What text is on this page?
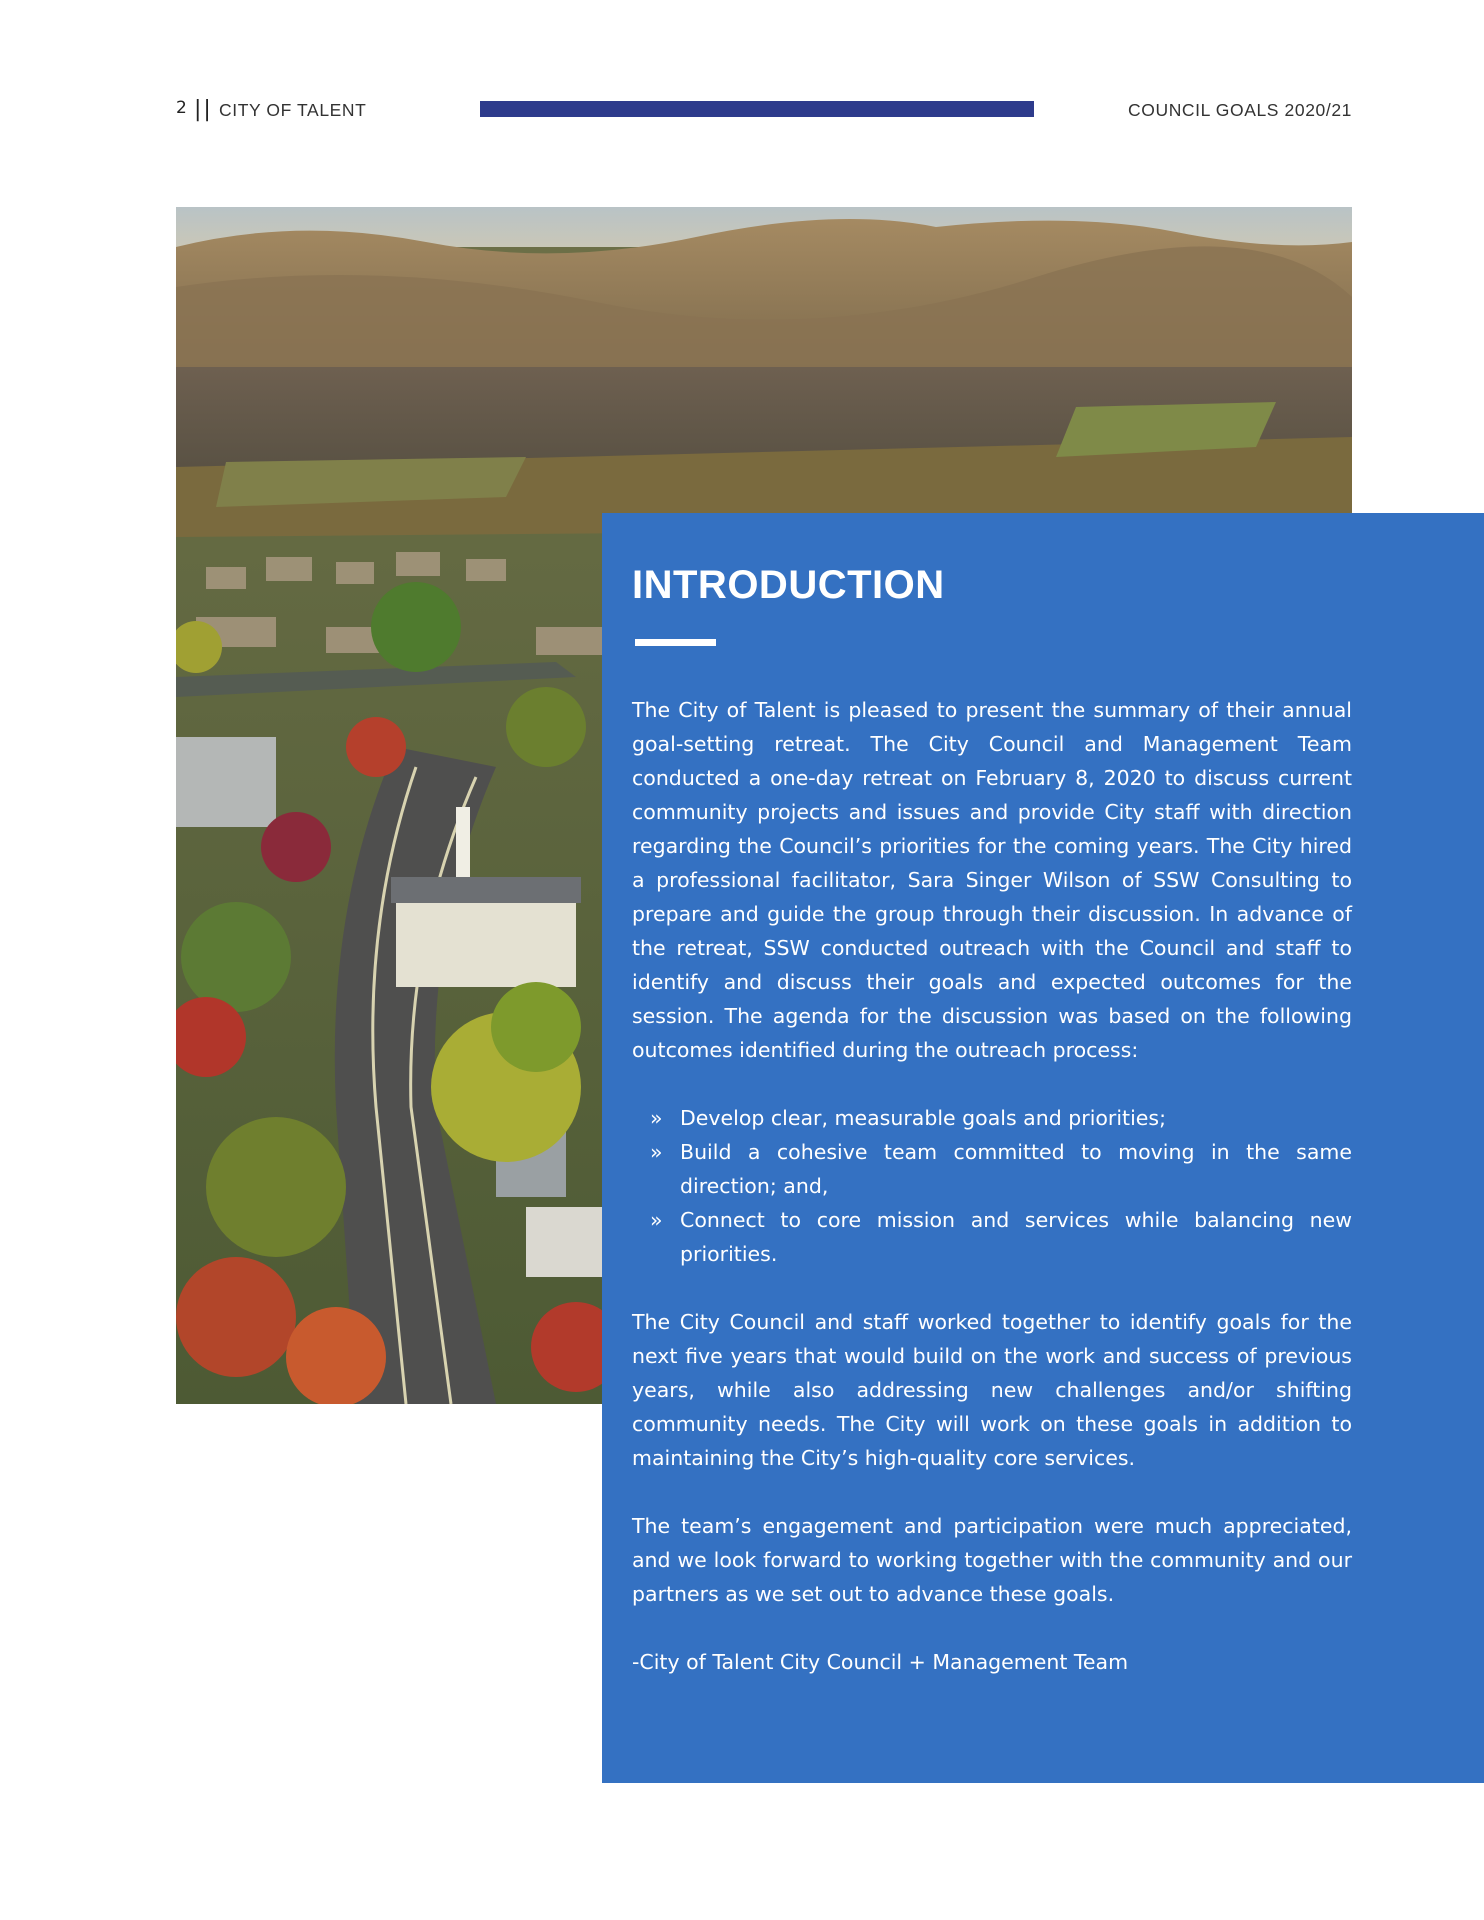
2 || CITY OF TALENT	COUNCIL GOALS 2020/21
INTRODUCTION

The City of Talent is pleased to present the summary of their annual goal-setting retreat. The City Council and Management Team conducted a one-day retreat on February 8, 2020 to discuss current community projects and issues and provide City staff with direction regarding the Council’s priorities for the coming years. The City hired a professional facilitator, Sara Singer Wilson of SSW Consulting to prepare and guide the group through their discussion. In advance of the retreat, SSW conducted outreach with the Council and staff to identify and discuss their goals and expected outcomes for the session. The agenda for the discussion was based on the following outcomes identified during the outreach process:

» Develop clear, measurable goals and priorities;
» Build a cohesive team committed to moving in the same direction; and,
» Connect to core mission and services while balancing new priorities.

The City Council and staff worked together to identify goals for the next five years that would build on the work and success of previous years, while also addressing new challenges and/or shifting community needs. The City will work on these goals in addition to maintaining the City’s high-quality core services.

The team’s engagement and participation were much appreciated, and we look forward to working together with the community and our partners as we set out to advance these goals.

-City of Talent City Council + Management Team
